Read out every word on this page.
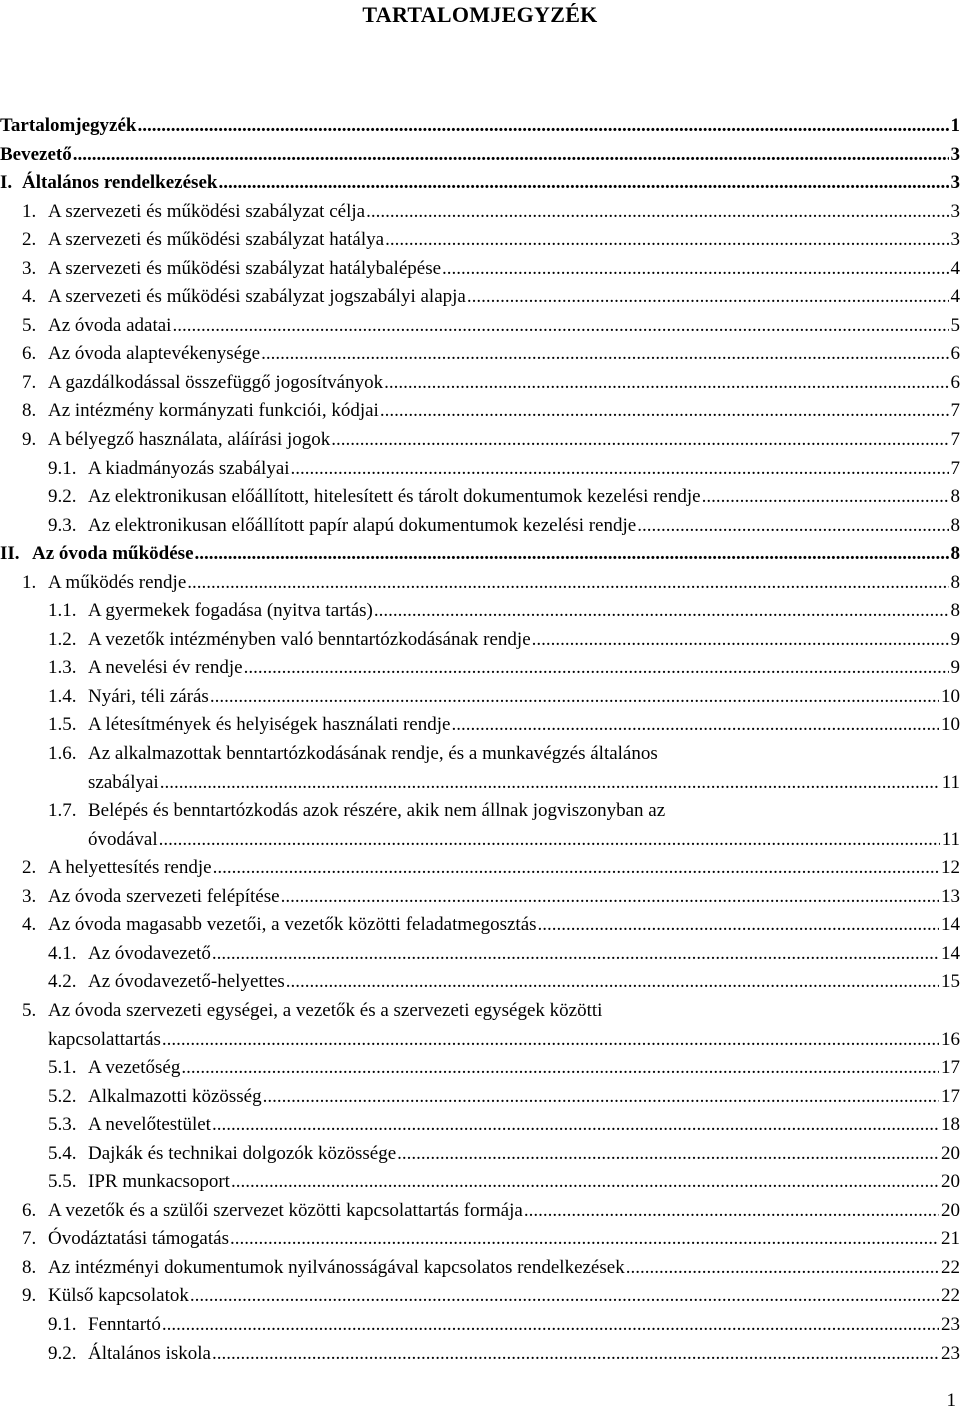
TARTALOMJEGYZÉK
Tartalomjegyzék .....	1
Bevezető .....	3
I. Általános rendelkezések .....	3
1. A szervezeti és működési szabályzat célja .....	3
2. A szervezeti és működési szabályzat hatálya .....	3
3. A szervezeti és működési szabályzat hatálybalépése .....	4
4. A szervezeti és működési szabályzat jogszabályi alapja .....	4
5. Az óvoda adatai .....	5
6. Az óvoda alaptevékenysége .....	6
7. A gazdálkodással összefüggő jogosítványok .....	6
8. Az intézmény kormányzati funkciói, kódjai .....	7
9. A bélyegző használata, aláírási jogok .....	7
9.1. A kiadmányozás szabályai .....	7
9.2. Az elektronikusan előállított, hitelesített és tárolt dokumentumok kezelési rendje .....	8
9.3. Az elektronikusan előállított papír alapú dokumentumok kezelési rendje .....	8
II. Az óvoda működése .....	8
1. A működés rendje .....	8
1.1. A gyermekek fogadása (nyitva tartás) .....	8
1.2. A vezetők intézményben való benntartózkodásának rendje .....	9
1.3. A nevelési év rendje .....	9
1.4. Nyári, téli zárás .....	10
1.5. A létesítmények és helyiségek használati rendje .....	10
1.6. Az alkalmazottak benntartózkodásának rendje, és a munkavégzés általános
szabályai .....	11
1.7. Belépés és benntartózkodás azok részére, akik nem állnak jogviszonyban az
óvodával .....	11
2. A helyettesítés rendje .....	12
3. Az óvoda szervezeti felépítése .....	13
4. Az óvoda magasabb vezetői, a vezetők közötti feladatmegosztás .....	14
4.1. Az óvodavezető .....	14
4.2. Az óvodavezető-helyettes .....	15
5. Az óvoda szervezeti egységei, a vezetők és a szervezeti egységek közötti
kapcsolattartás .....	16
5.1. A vezetőség .....	17
5.2. Alkalmazotti közösség .....	17
5.3. A nevelőtestület .....	18
5.4. Dajkák és technikai dolgozók közössége .....	20
5.5. IPR munkacsoport .....	20
6. A vezetők és a szülői szervezet közötti kapcsolattartás formája .....	20
7. Óvodáztatási támogatás .....	21
8. Az intézményi dokumentumok nyilvánosságával kapcsolatos rendelkezések .....	22
9. Külső kapcsolatok .....	22
9.1. Fenntartó .....	23
9.2. Általános iskola .....	23
1
